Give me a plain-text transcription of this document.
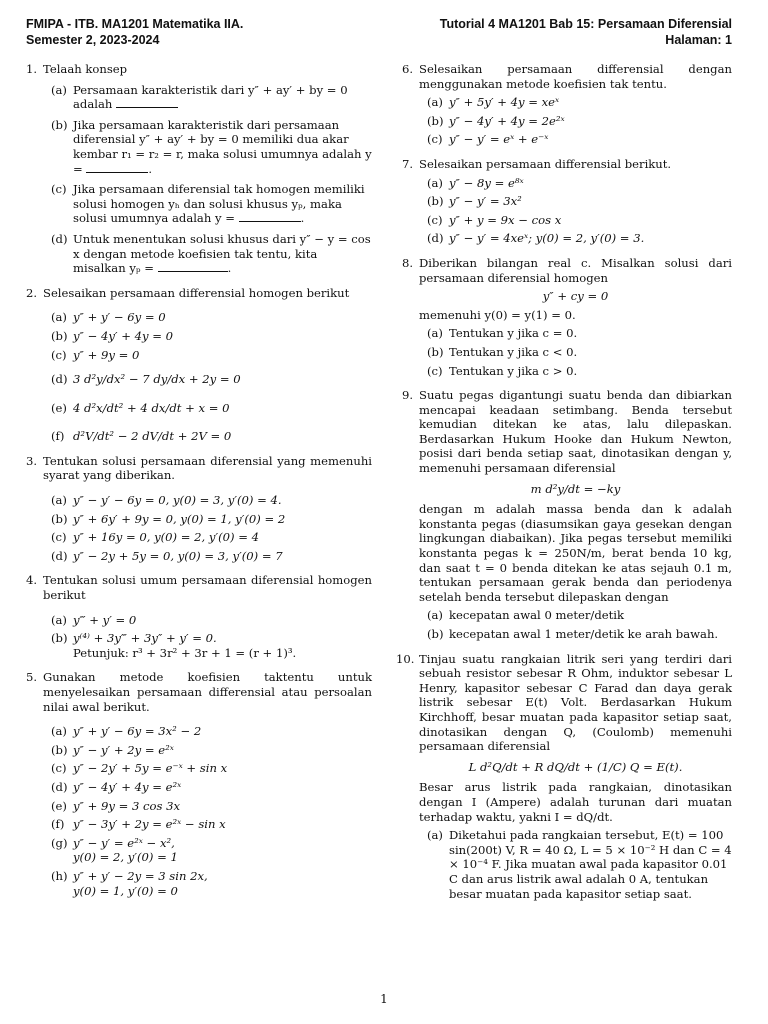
FMIPA - ITB. MA1201 Matematika IIA.
Semester 2, 2023-2024
Tutorial 4 MA1201 Bab 15: Persamaan Diferensial
Halaman: 1
1. Telaah konsep
(a) Persamaan karakteristik dari y″ + ay′ + by = 0 adalah
(b) Jika persamaan karakteristik dari persamaan diferensial y″ + ay′ + by = 0 memiliki dua akar kembar r₁ = r₂ = r, maka solusi umumnya adalah y =	.
(c) Jika persamaan diferensial tak homogen memiliki solusi homogen yₕ dan solusi khusus yₚ, maka solusi umumnya adalah y =	.
(d) Untuk menentukan solusi khusus dari y″ − y = cos x dengan metode koefisien tak tentu, kita misalkan yₚ =	.
2. Selesaikan persamaan differensial homogen berikut
(a) y″ + y′ − 6y = 0
(b) y″ − 4y′ + 4y = 0
(c) y″ + 9y = 0
(d) 3 d²y/dx² − 7 dy/dx + 2y = 0
(e) 4 d²x/dt² + 4 dx/dt + x = 0
(f) d²V/dt² − 2 dV/dt + 2V = 0
3. Tentukan solusi persamaan diferensial yang memenuhi syarat yang diberikan.
(a) y″ − y′ − 6y = 0, y(0) = 3, y′(0) = 4.
(b) y″ + 6y′ + 9y = 0, y(0) = 1, y′(0) = 2
(c) y″ + 16y = 0, y(0) = 2, y′(0) = 4
(d) y″ − 2y + 5y = 0, y(0) = 3, y′(0) = 7
4. Tentukan solusi umum persamaan diferensial homogen berikut
(a) y‴ + y′ = 0
(b) y⁽⁴⁾ + 3y‴ + 3y″ + y′ = 0.
Petunjuk: r³ + 3r² + 3r + 1 = (r + 1)³.
5. Gunakan metode koefisien taktentu untuk menyelesaikan persamaan differensial atau persoalan nilai awal berikut.
(a) y″ + y′ − 6y = 3x² − 2
(b) y″ − y′ + 2y = e²ˣ
(c) y″ − 2y′ + 5y = e⁻ˣ + sin x
(d) y″ − 4y′ + 4y = e²ˣ
(e) y″ + 9y = 3 cos 3x
(f) y″ − 3y′ + 2y = e²ˣ − sin x
(g) y″ − y′ = e²ˣ − x²,
y(0) = 2, y′(0) = 1
(h) y″ + y′ − 2y = 3 sin 2x,
y(0) = 1, y′(0) = 0
6. Selesaikan persamaan differensial dengan menggunakan metode koefisien tak tentu.
(a) y″ + 5y′ + 4y = xeˣ
(b) y″ − 4y′ + 4y = 2e²ˣ
(c) y″ − y′ = eˣ + e⁻ˣ
7. Selesaikan persamaan differensial berikut.
(a) y″ − 8y = e⁸ˣ
(b) y″ − y′ = 3x²
(c) y″ + y = 9x − cos x
(d) y″ − y′ = 4xeˣ; y(0) = 2, y′(0) = 3.
8. Diberikan bilangan real c. Misalkan solusi dari persamaan diferensial homogen
y″ + cy = 0
memenuhi y(0) = y(1) = 0.
(a) Tentukan y jika c = 0.
(b) Tentukan y jika c < 0.
(c) Tentukan y jika c > 0.
9. Suatu pegas digantungi suatu benda dan dibiarkan mencapai keadaan setimbang. Benda tersebut kemudian ditekan ke atas, lalu dilepaskan. Berdasarkan Hukum Hooke dan Hukum Newton, posisi dari benda setiap saat, dinotasikan dengan y, memenuhi persamaan diferensial
m d²y/dt = −ky
dengan m adalah massa benda dan k adalah konstanta pegas (diasumsikan gaya gesekan dengan lingkungan diabaikan). Jika pegas tersebut memiliki konstanta pegas k = 250N/m, berat benda 10 kg, dan saat t = 0 benda ditekan ke atas sejauh 0.1 m, tentukan persamaan gerak benda dan periodenya setelah benda tersebut dilepaskan dengan
(a) kecepatan awal 0 meter/detik
(b) kecepatan awal 1 meter/detik ke arah bawah.
10. Tinjau suatu rangkaian litrik seri yang terdiri dari sebuah resistor sebesar R Ohm, induktor sebesar L Henry, kapasitor sebesar C Farad dan daya gerak listrik sebesar E(t) Volt. Berdasarkan Hukum Kirchhoff, besar muatan pada kapasitor setiap saat, dinotasikan dengan Q, (Coulomb) memenuhi persamaan diferensial
L d²Q/dt + R dQ/dt + (1/C) Q = E(t).
Besar arus listrik pada rangkaian, dinotasikan dengan I (Ampere) adalah turunan dari muatan terhadap waktu, yakni I = dQ/dt.
(a) Diketahui pada rangkaian tersebut, E(t) = 100 sin(200t) V, R = 40 Ω, L = 5 × 10⁻² H dan C = 4 × 10⁻⁴ F. Jika muatan awal pada kapasitor 0.01 C dan arus listrik awal adalah 0 A, tentukan besar muatan pada kapasitor setiap saat.
1
